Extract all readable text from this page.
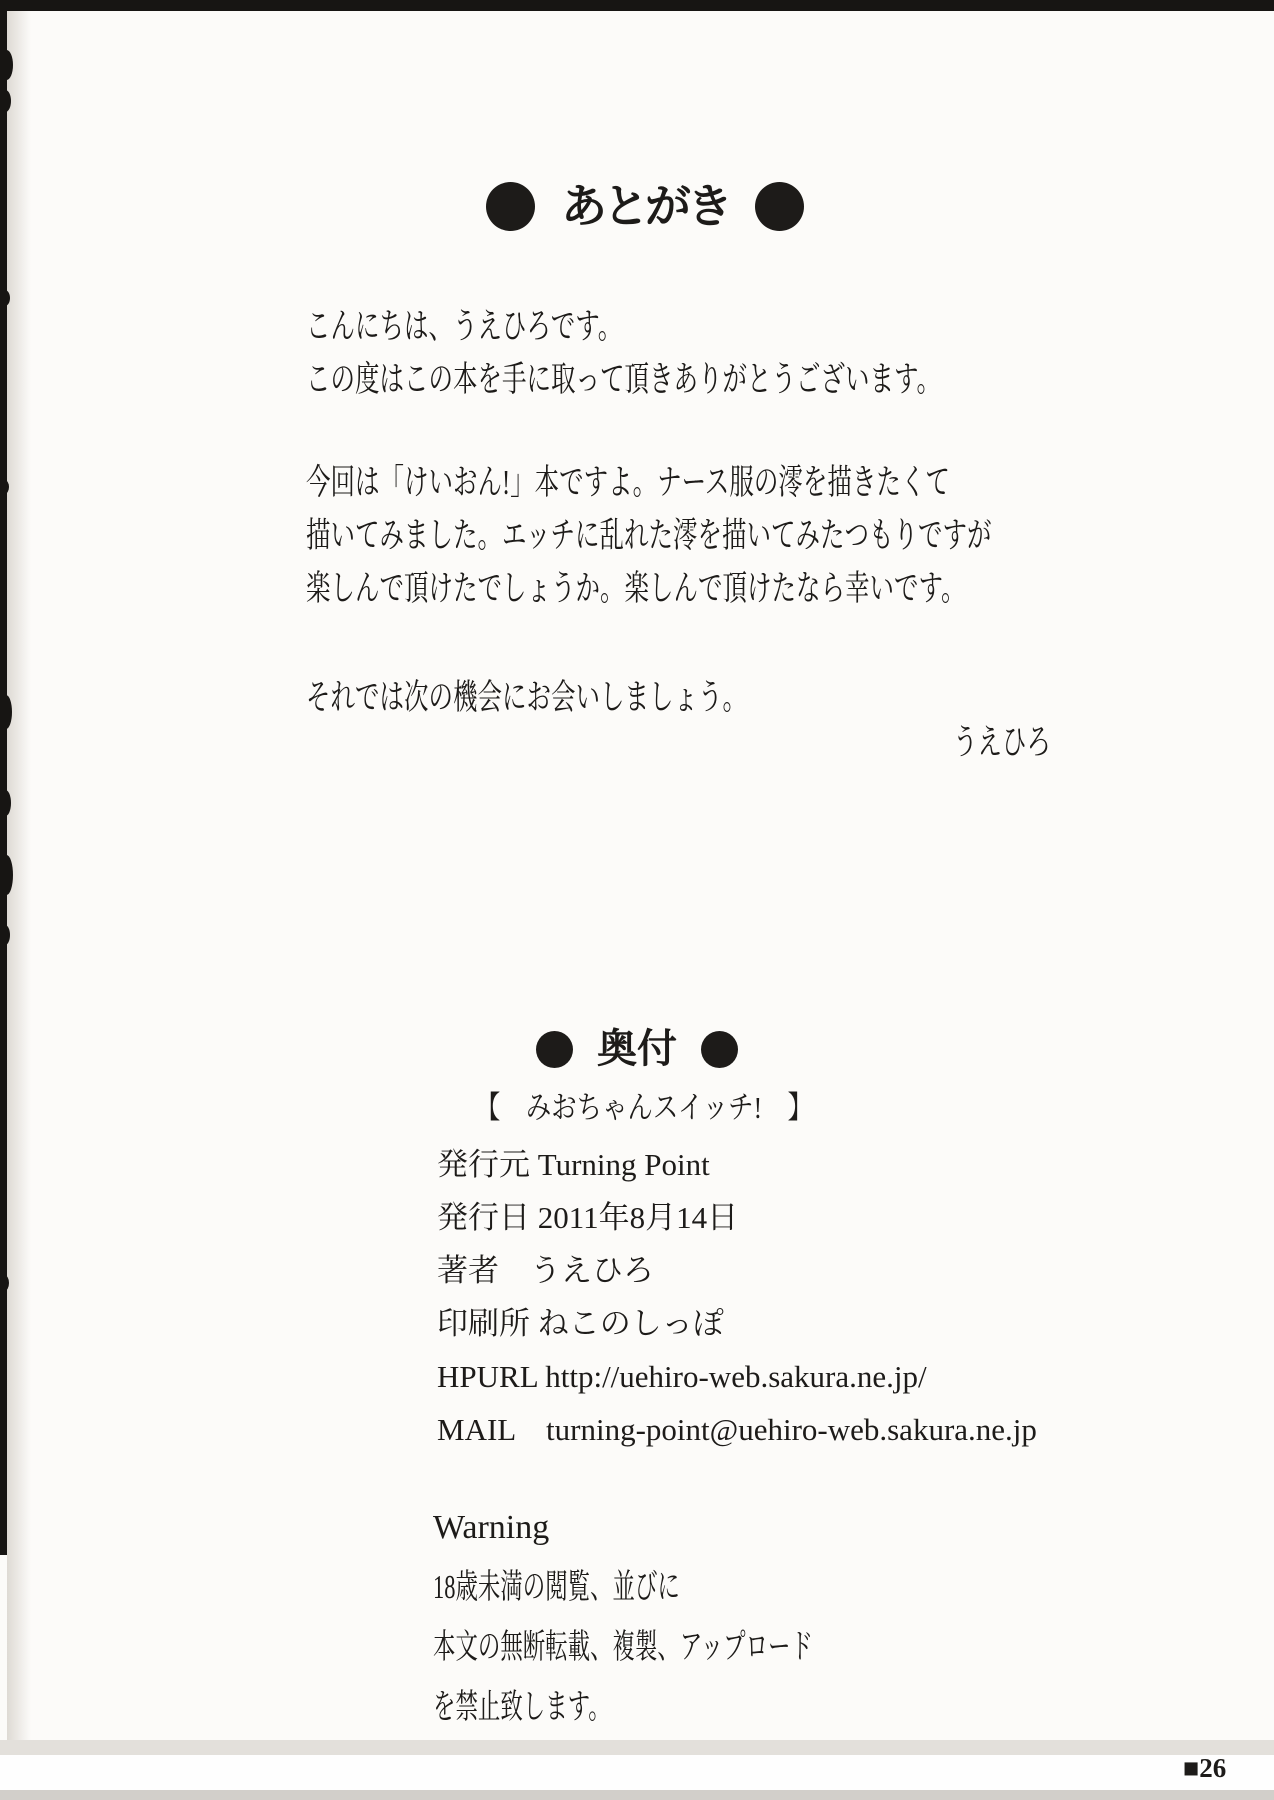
あとがき
こんにちは、うえひろです。
この度はこの本を手に取って頂きありがとうございます。
今回は「けいおん!」本ですよ。ナース服の澪を描きたくて
描いてみました。エッチに乱れた澪を描いてみたつもりですが
楽しんで頂けたでしょうか。楽しんで頂けたなら幸いです。
それでは次の機会にお会いしましょう。
うえひろ
奥付
【　みおちゃんスイッチ!　】
発行元 Turning Point
発行日 2011年8月14日
著者　うえひろ
印刷所 ねこのしっぽ
HPURL http://uehiro-web.sakura.ne.jp/
MAIL　turning-point@uehiro-web.sakura.ne.jp
Warning
18歳未満の閲覧、並びに
本文の無断転載、複製、アップロード
を禁止致します。
■26
